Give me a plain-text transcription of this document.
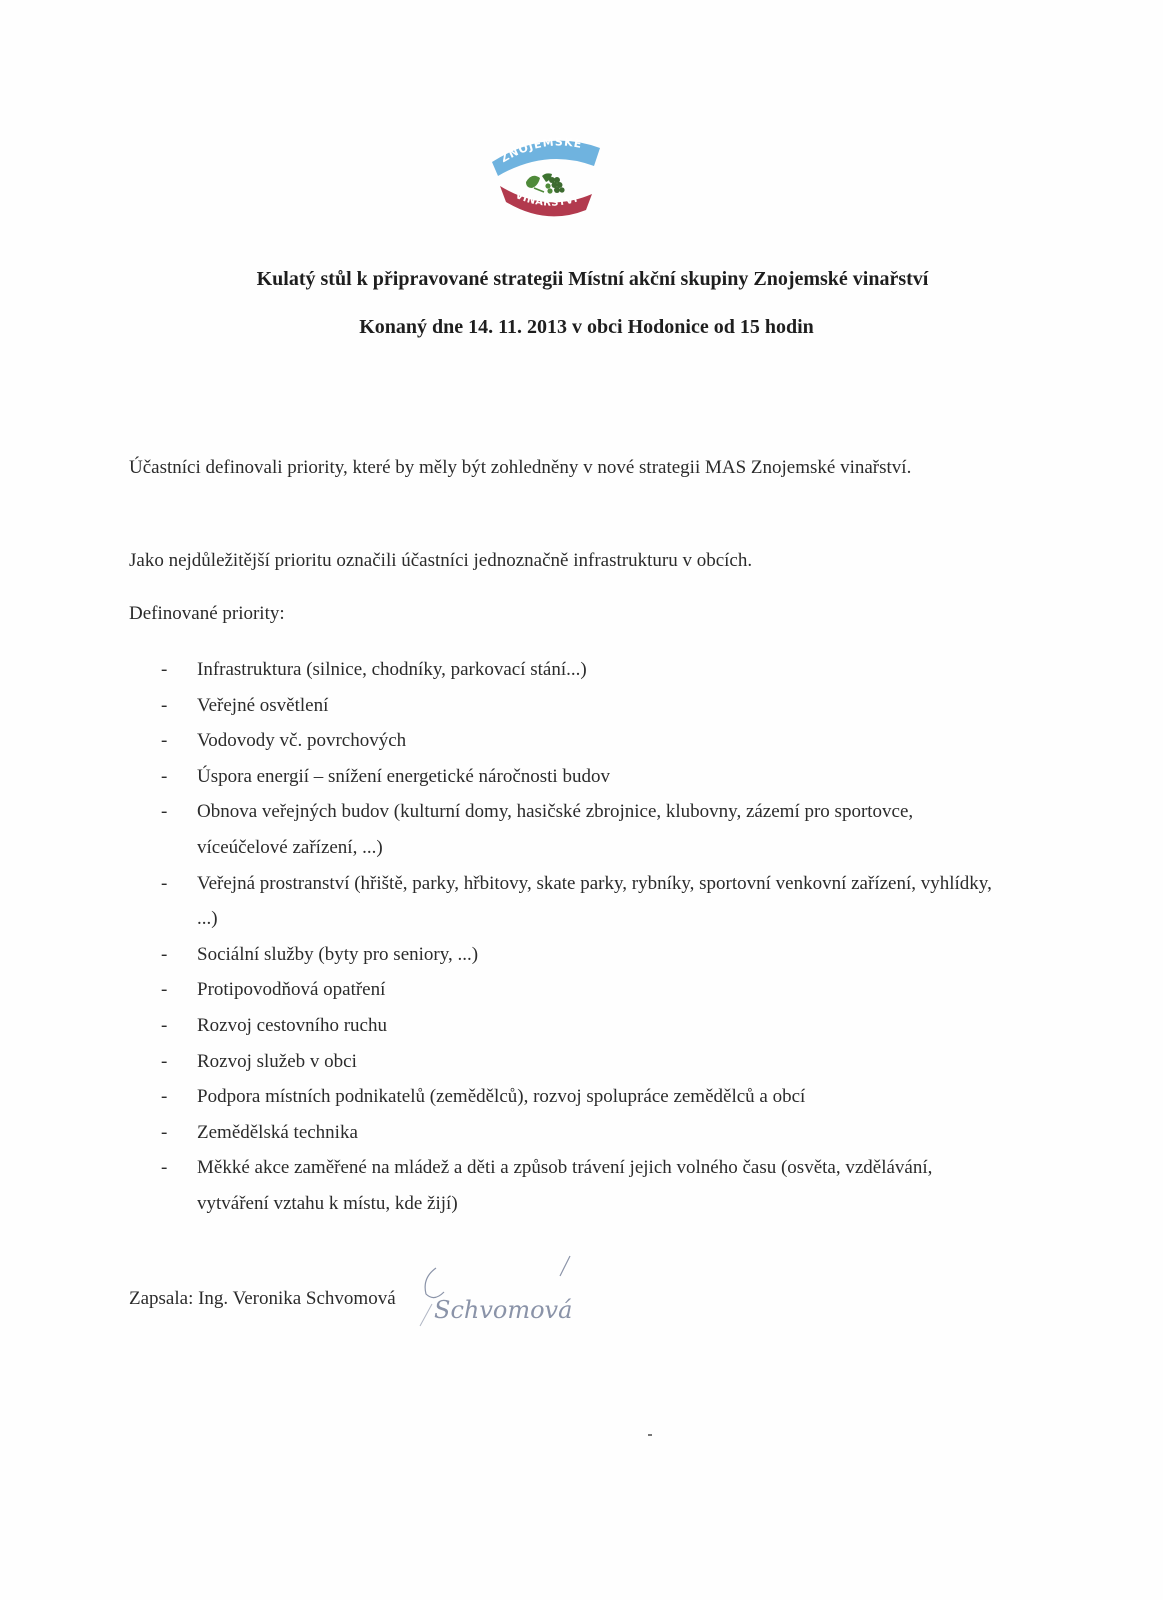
ZNOJEMSKÉ
VINAŘSTVÍ
Kulatý stůl k připravované strategii Místní akční skupiny Znojemské vinařství
Konaný dne 14. 11. 2013 v obci Hodonice od 15 hodin
Účastníci definovali priority, které by měly být zohledněny v nové strategii MAS Znojemské vinařství.
Jako nejdůležitější prioritu označili účastníci jednoznačně infrastrukturu v obcích.
Definované priority:
- Infrastruktura (silnice, chodníky, parkovací stání...)
- Veřejné osvětlení
- Vodovody vč. povrchových
- Úspora energií – snížení energetické náročnosti budov
- Obnova veřejných budov (kulturní domy, hasičské zbrojnice, klubovny, zázemí pro sportovce, víceúčelové zařízení, ...)
- Veřejná prostranství (hřiště, parky, hřbitovy, skate parky, rybníky, sportovní venkovní zařízení, vyhlídky, ...)
- Sociální služby (byty pro seniory, ...)
- Protipovodňová opatření
- Rozvoj cestovního ruchu
- Rozvoj služeb v obci
- Podpora místních podnikatelů (zemědělců), rozvoj spolupráce zemědělců a obcí
- Zemědělská technika
- Měkké akce zaměřené na mládež a děti a způsob trávení jejich volného času (osvěta, vzdělávání, vytváření vztahu k místu, kde žijí)
Zapsala: Ing. Veronika Schvomová Schvomová
